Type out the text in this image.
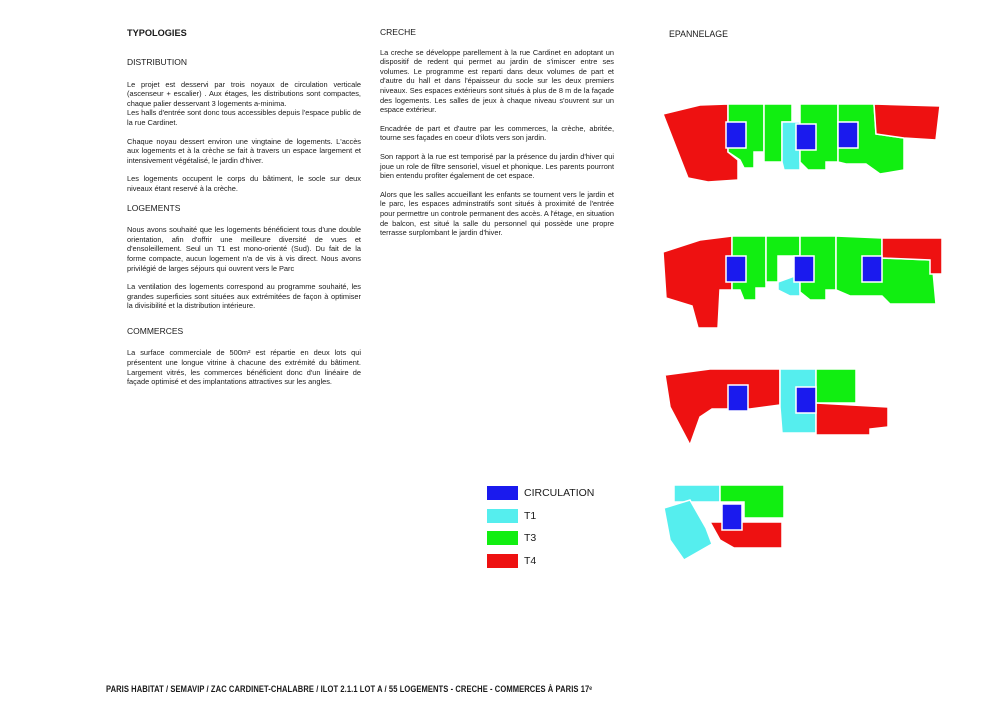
TYPOLOGIES

DISTRIBUTION

Le projet est desservi par trois noyaux de circulation verticale (ascenseur + escalier) . Aux étages, les distributions sont compactes, chaque palier desservant 3 logements a-minima.
Les halls d'entrée sont donc tous accessibles depuis l'espace public de la rue Cardinet.

Chaque noyau dessert environ une vingtaine de logements. L'accès aux logements et à la crèche se fait à travers un espace largement et intensivement végétalisé, le jardin d'hiver.

Les logements occupent le corps du bâtiment, le socle sur deux niveaux étant reservé à la crèche.

LOGEMENTS

Nous avons souhaité que les logements bénéficient tous d'une double orientation, afin d'offrir une meilleure diversité de vues et d'ensoleillement. Seul un T1 est mono-orienté (Sud). Du fait de la forme compacte, aucun logement n'a de vis à vis direct. Nous avons privilégié de larges séjours qui ouvrent vers le Parc

La ventilation des logements correspond au programme souhaité, les grandes superficies sont situées aux extrémitées de façon à optimiser la divisibilité et la distribution intérieure.

COMMERCES

La surface commerciale de 500m² est répartie en deux lots qui présentent une longue vitrine à chacune des extrémité du bâtiment. Largement vitrés, les commerces bénéficient donc d'un linéaire de façade optimisé et des implantations attractives sur les angles.

CRECHE

La creche se développe parellement à la rue Cardinet en adoptant un dispositif de redent qui permet au jardin de s'imiscer entre ses volumes. Le programme est reparti dans deux volumes de part et d'autre du hall et dans l'épaisseur du socle sur les deux premiers niveaux. Ses espaces extérieurs sont situés à plus de 8 m de la façade des logements. Les salles de jeux à chaque niveau s'ouvrent sur un espace extérieur.

Encadrée de part et d'autre par les commerces, la crèche, abritée, tourne ses façades en coeur d'ilots vers son jardin.

Son rapport à la rue est temporisé par la présence du jardin d'hiver qui joue un role de filtre sensoriel, visuel et phonique. Les parents pourront bien entendu profiter également de cet espace.

Alors que les salles accueillant les enfants se tournent vers le jardin et le parc, les espaces adminstratifs sont situés à proximité de l'entrée pour permettre un controle permanent des accès. A l'étage, en situation de balcon, est situé la salle du personnel qui possède une propre terrasse surplombant le jardin d'hiver.

EPANNELAGE
CIRCULATION
T1
T3
T4
PARIS HABITAT / SEMAVIP / ZAC CARDINET-CHALABRE / ILOT 2.1.1 LOT A / 55 LOGEMENTS - CRECHE - COMMERCES À PARIS 17ᵉ
